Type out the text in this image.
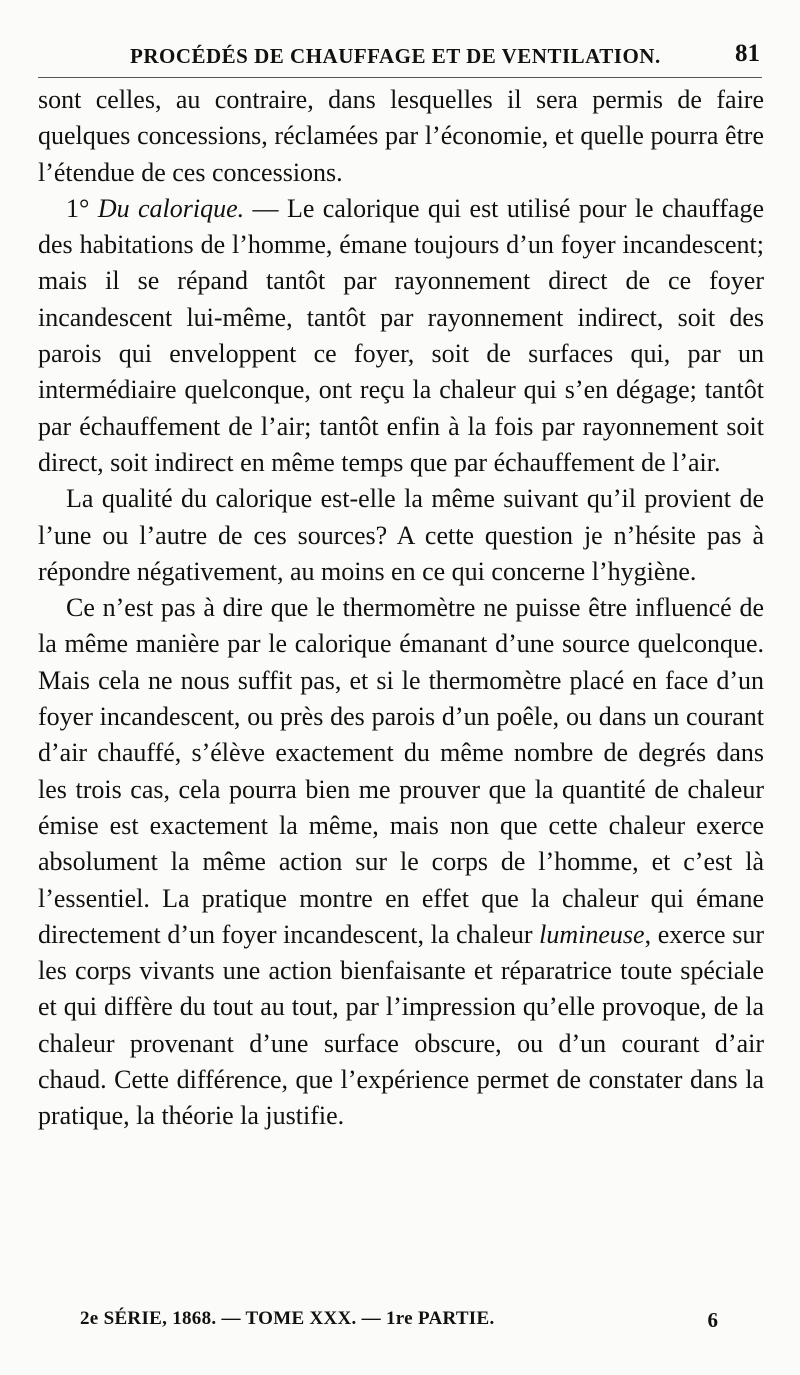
PROCÉDÉS DE CHAUFFAGE ET DE VENTILATION.	81

sont celles, au contraire, dans lesquelles il sera permis de faire quelques concessions, réclamées par l’économie, et quelle pourra être l’étendue de ces concessions.

1° Du calorique. — Le calorique qui est utilisé pour le chauffage des habitations de l’homme, émane toujours d’un foyer incandescent; mais il se répand tantôt par rayonnement direct de ce foyer incandescent lui-même, tantôt par rayonnement indirect, soit des parois qui enveloppent ce foyer, soit de surfaces qui, par un intermédiaire quelconque, ont reçu la chaleur qui s’en dégage; tantôt par échauffement de l’air; tantôt enfin à la fois par rayonnement soit direct, soit indirect en même temps que par échauffement de l’air.

La qualité du calorique est-elle la même suivant qu’il provient de l’une ou l’autre de ces sources? A cette question je n’hésite pas à répondre négativement, au moins en ce qui concerne l’hygiène.

Ce n’est pas à dire que le thermomètre ne puisse être influencé de la même manière par le calorique émanant d’une source quelconque. Mais cela ne nous suffit pas, et si le thermomètre placé en face d’un foyer incandescent, ou près des parois d’un poêle, ou dans un courant d’air chauffé, s’élève exactement du même nombre de degrés dans les trois cas, cela pourra bien me prouver que la quantité de chaleur émise est exactement la même, mais non que cette chaleur exerce absolument la même action sur le corps de l’homme, et c’est là l’essentiel. La pratique montre en effet que la chaleur qui émane directement d’un foyer incandescent, la chaleur lumineuse, exerce sur les corps vivants une action bienfaisante et réparatrice toute spéciale et qui diffère du tout au tout, par l’impression qu’elle provoque, de la chaleur provenant d’une surface obscure, ou d’un courant d’air chaud. Cette différence, que l’expérience permet de constater dans la pratique, la théorie la justifie.

2e SÉRIE, 1868. — TOME XXX. — 1re PARTIE.	6
